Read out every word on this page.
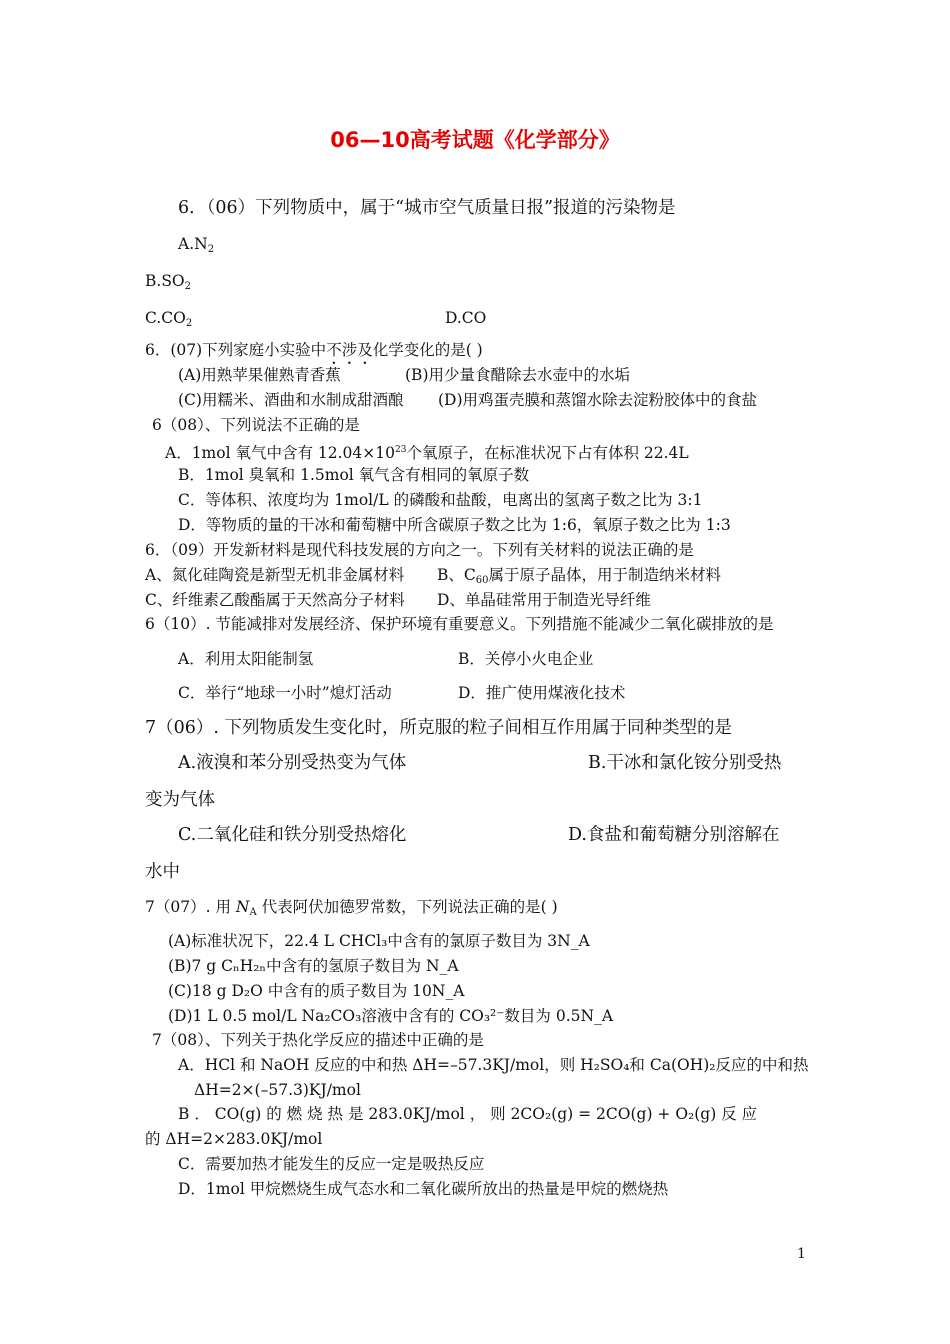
06—10高考试题《化学部分》
6．（06）下列物质中，属于“城市空气质量日报”报道的污染物是
$A.N_2$
$B.SO_2$
$C.CO_2$	D.CO
6．(07)下列家庭小实验中不涉及化学变化的是( )
(A)用熟苹果催熟青香蕉	(B)用少量食醋除去水壶中的水垢
(C)用糯米、酒曲和水制成甜酒酿 (D)用鸡蛋壳膜和蒸馏水除去淀粉胶体中的食盐
6（08）、下列说法不正确的是
A．1mol 氧气中含有 $12.04\times 10^{23}$个氧原子，在标准状况下占有体积 22.4L
B．1mol 臭氧和 1.5mol 氧气含有相同的氧原子数
C．等体积、浓度均为 1mol/L 的磷酸和盐酸，电离出的氢离子数之比为 3:1
D．等物质的量的干冰和葡萄糖中所含碳原子数之比为 1:6，氧原子数之比为 1:3
6．（09）开发新材料是现代科技发展的方向之一。下列有关材料的说法正确的是
A、氮化硅陶瓷是新型无机非金属材料 B、$C_{60}$属于原子晶体，用于制造纳米材料
C、纤维素乙酸酯属于天然高分子材料 D、单晶硅常用于制造光导纤维
6（10）. 节能减排对发展经济、保护环境有重要意义。下列措施不能减少二氧化碳排放的是
A．利用太阳能制氢	B．关停小火电企业
C．举行“地球一小时”熄灯活动	D．推广使用煤液化技术
7（06）. 下列物质发生变化时，所克服的粒子间相互作用属于同种类型的是
A.液溴和苯分别受热变为气体	B.干冰和氯化铵分别受热
变为气体
C.二氧化硅和铁分别受热熔化	D.食盐和葡萄糖分别溶解在
水中
7（07）. 用 $N_A$ 代表阿伏加德罗常数，下列说法正确的是( )
(A)标准状况下，22.4 L CHCl₃中含有的氯原子数目为 3N_A
(B)7 g CₙH₂ₙ中含有的氢原子数目为 N_A
(C)18 g D₂O 中含有的质子数目为 10N_A
(D)1 L 0.5 mol/L Na₂CO₃溶液中含有的 CO₃²⁻数目为 0.5N_A
7（08）、下列关于热化学反应的描述中正确的是
A．HCl 和 NaOH 反应的中和热 ΔH=–57.3KJ/mol，则 H₂SO₄和 Ca(OH)₂反应的中和热
ΔH=2×(–57.3)KJ/mol
B ． CO(g) 的 燃 烧 热 是 283.0KJ/mol ， 则 2CO₂(g) = 2CO(g) + O₂(g) 反 应
的 ΔH=2×283.0KJ/mol
C．需要加热才能发生的反应一定是吸热反应
D．1mol 甲烷燃烧生成气态水和二氧化碳所放出的热量是甲烷的燃烧热
1
